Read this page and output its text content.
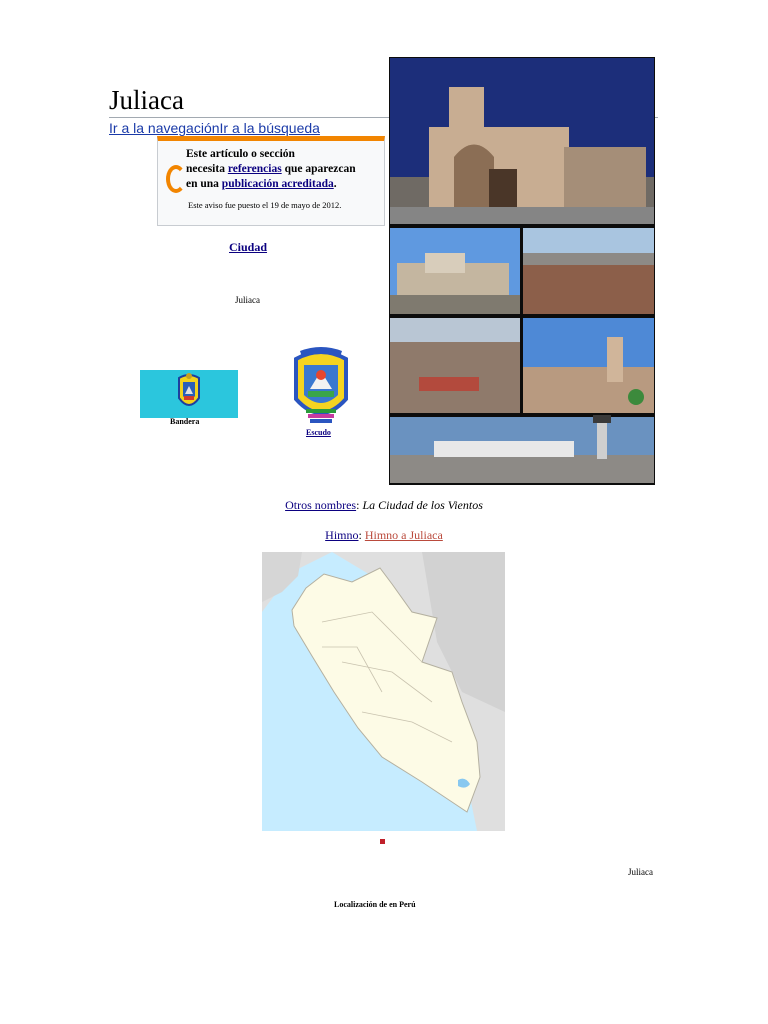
Juliaca
Ir a la navegaciónIr a la búsqueda
Este artículo o sección
necesita referencias que aparezcan
en una publicación acreditada.
Este aviso fue puesto el 19 de mayo de 2012.
Ciudad
Juliaca
Bandera
Escudo
Otros nombres: La Ciudad de los Vientos
Himno: Himno a Juliaca
Juliaca
Localización de en Perú
